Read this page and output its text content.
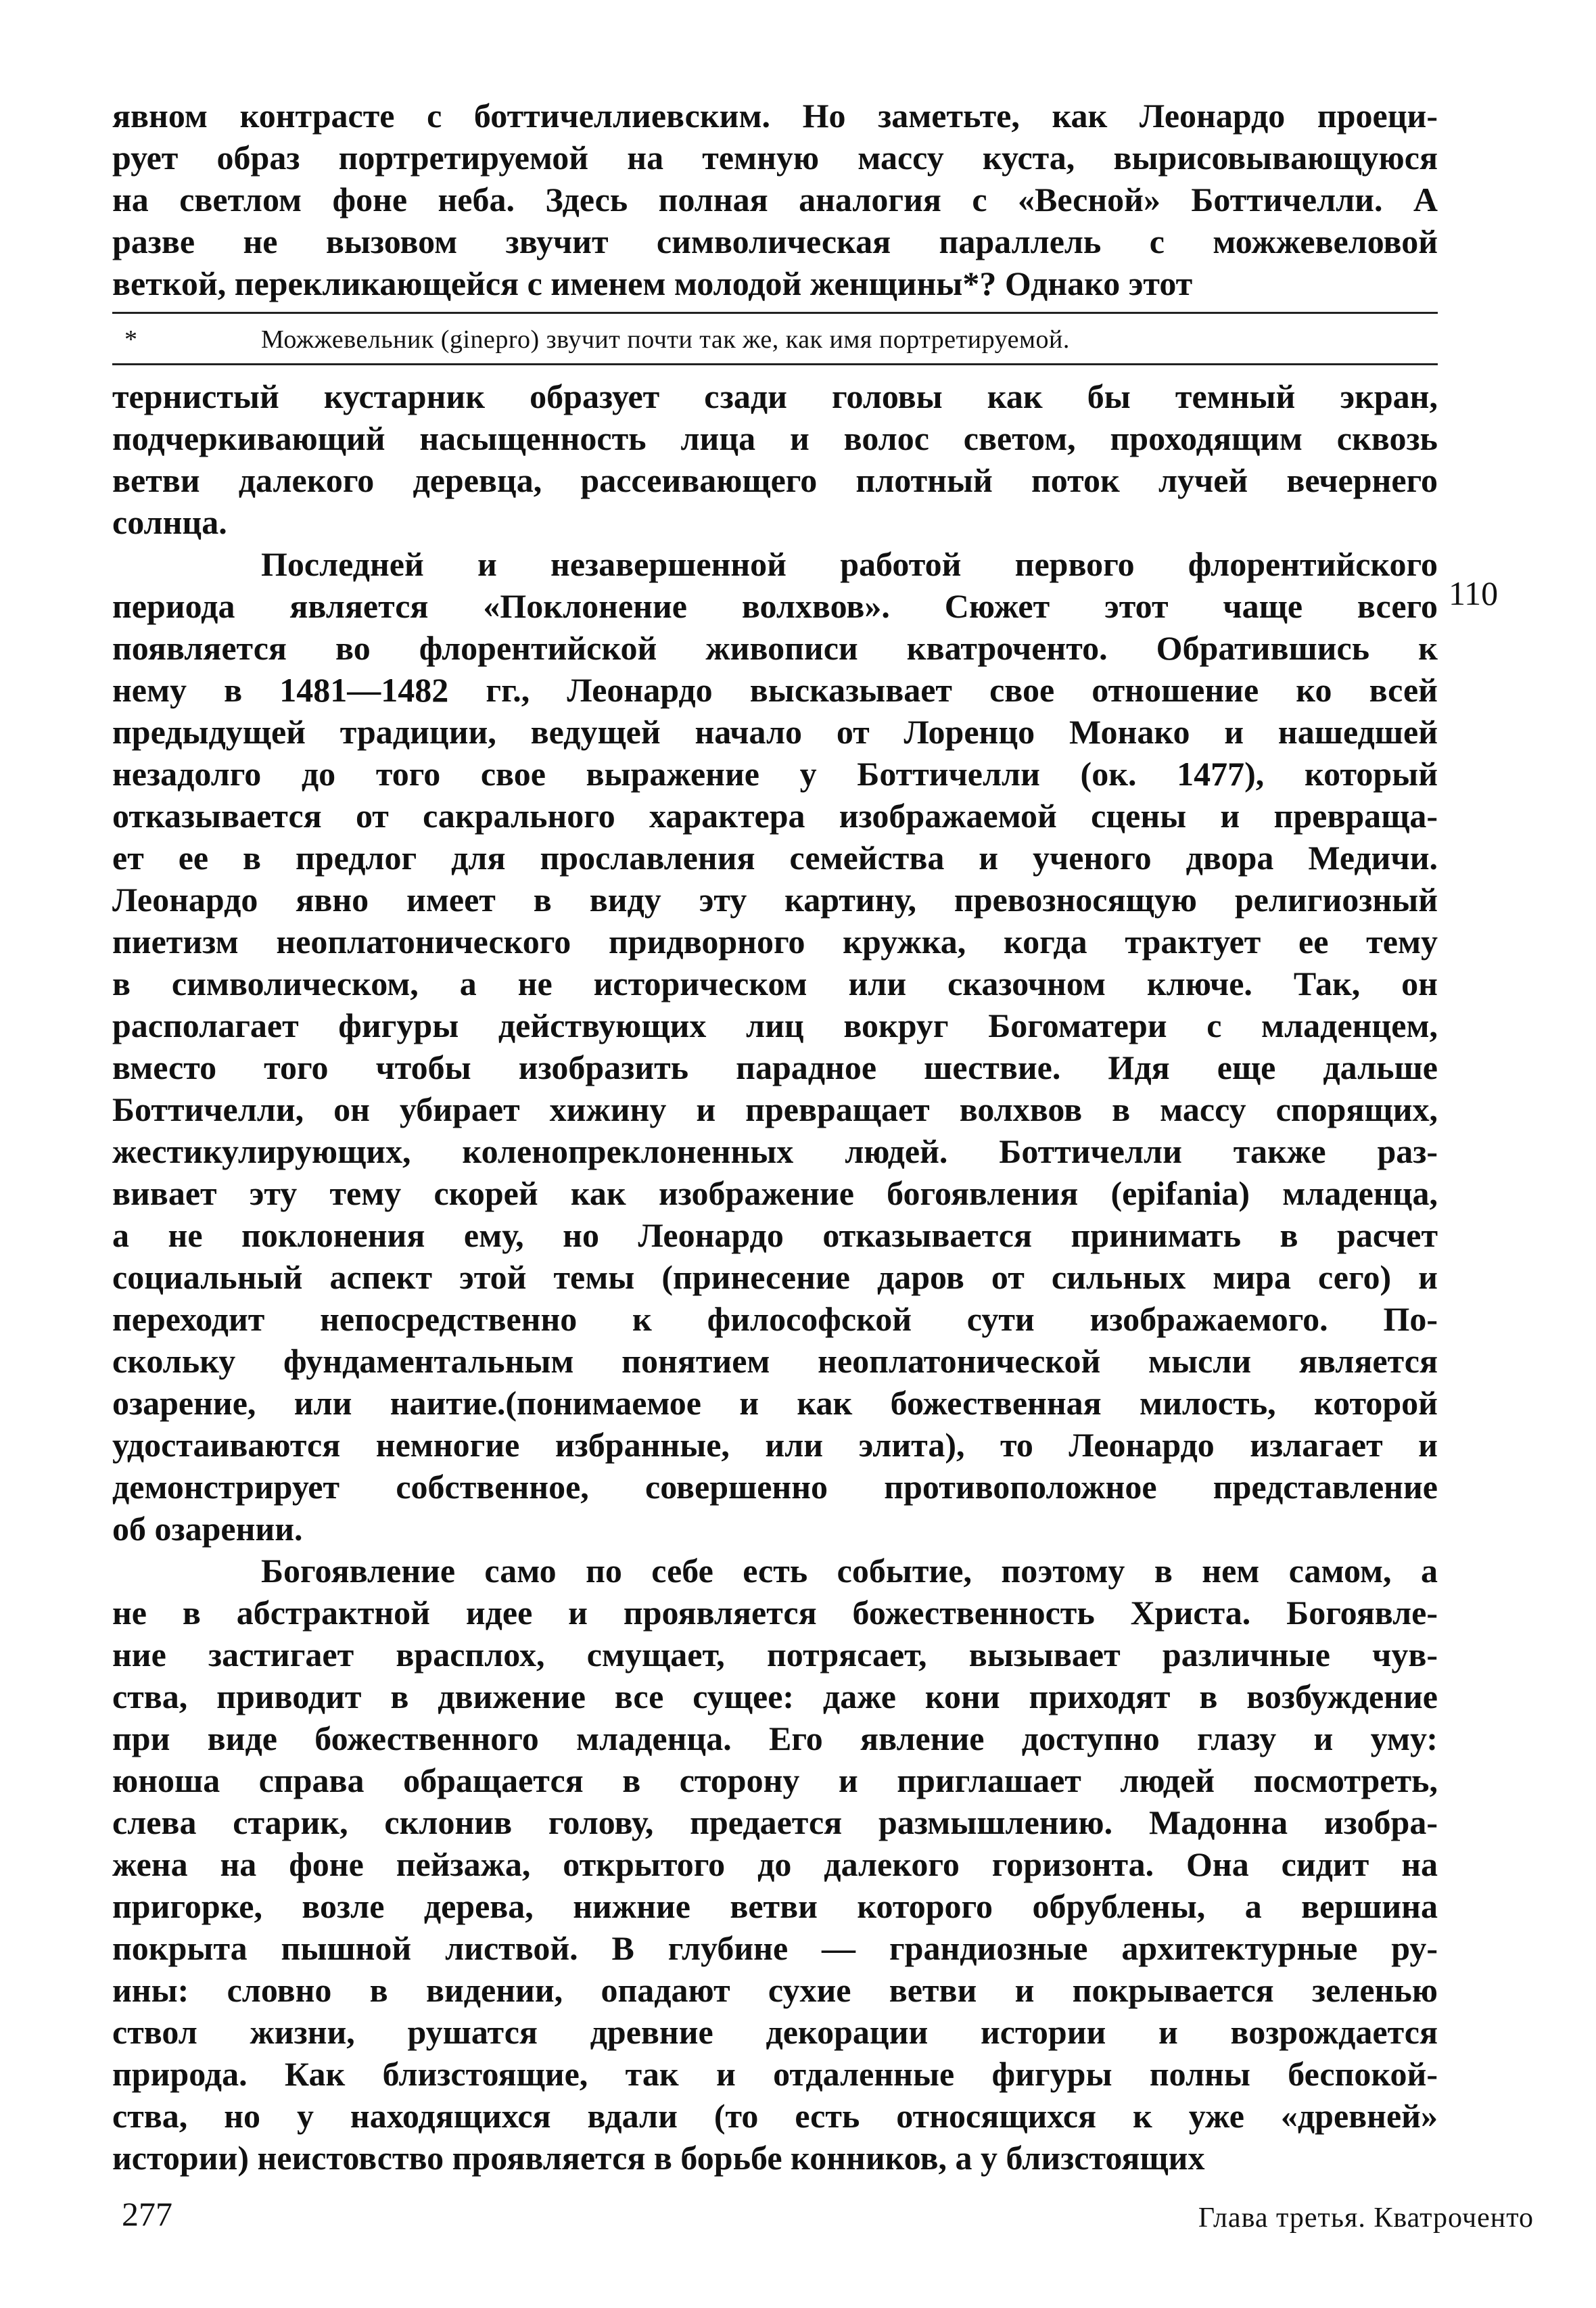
явном контрасте с боттичеллиевским. Но заметьте, как Леонардо проеци-
рует образ портретируемой на темную массу куста, вырисовывающуюся
на светлом фоне неба. Здесь полная аналогия с «Весной» Боттичелли. А
разве не вызовом звучит символическая параллель с можжевеловой
веткой, перекликающейся с именем молодой женщины*? Однако этот
*	Можжевельник (ginepro) звучит почти так же, как имя портретируемой.
тернистый кустарник образует сзади головы как бы темный экран,
подчеркивающий насыщенность лица и волос светом, проходящим сквозь
ветви далекого деревца, рассеивающего плотный поток лучей вечернего
солнца.
Последней и незавершенной работой первого флорентийского
периода является «Поклонение волхвов». Сюжет этот чаще всего
появляется во флорентийской живописи кватроченто. Обратившись к
нему в 1481—1482 гг., Леонардо высказывает свое отношение ко всей
предыдущей традиции, ведущей начало от Лоренцо Монако и нашедшей
незадолго до того свое выражение у Боттичелли (ок. 1477), который
отказывается от сакрального характера изображаемой сцены и превраща-
ет ее в предлог для прославления семейства и ученого двора Медичи.
Леонардо явно имеет в виду эту картину, превозносящую религиозный
пиетизм неоплатонического придворного кружка, когда трактует ее тему
в символическом, а не историческом или сказочном ключе. Так, он
располагает фигуры действующих лиц вокруг Богоматери с младенцем,
вместо того чтобы изобразить парадное шествие. Идя еще дальше
Боттичелли, он убирает хижину и превращает волхвов в массу спорящих,
жестикулирующих, коленопреклоненных людей. Боттичелли также раз-
вивает эту тему скорей как изображение богоявления (epifania) младенца,
а не поклонения ему, но Леонардо отказывается принимать в расчет
социальный аспект этой темы (принесение даров от сильных мира сего) и
переходит непосредственно к философской сути изображаемого. По-
скольку фундаментальным понятием неоплатонической мысли является
озарение, или наитие.(понимаемое и как божественная милость, которой
удостаиваются немногие избранные, или элита), то Леонардо излагает и
демонстрирует собственное, совершенно противоположное представление
об озарении.
Богоявление само по себе есть событие, поэтому в нем самом, а
не в абстрактной идее и проявляется божественность Христа. Богоявле-
ние застигает врасплох, смущает, потрясает, вызывает различные чув-
ства, приводит в движение все сущее: даже кони приходят в возбуждение
при виде божественного младенца. Его явление доступно глазу и уму:
юноша справа обращается в сторону и приглашает людей посмотреть,
слева старик, склонив голову, предается размышлению. Мадонна изобра-
жена на фоне пейзажа, открытого до далекого горизонта. Она сидит на
пригорке, возле дерева, нижние ветви которого обрублены, а вершина
покрыта пышной листвой. В глубине — грандиозные архитектурные ру-
ины: словно в видении, опадают сухие ветви и покрывается зеленью
ствол жизни, рушатся древние декорации истории и возрождается
природа. Как близстоящие, так и отдаленные фигуры полны беспокой-
ства, но у находящихся вдали (то есть относящихся к уже «древней»
истории) неистовство проявляется в борьбе конников, а у близстоящих
110
277	Глава третья. Кватроченто
